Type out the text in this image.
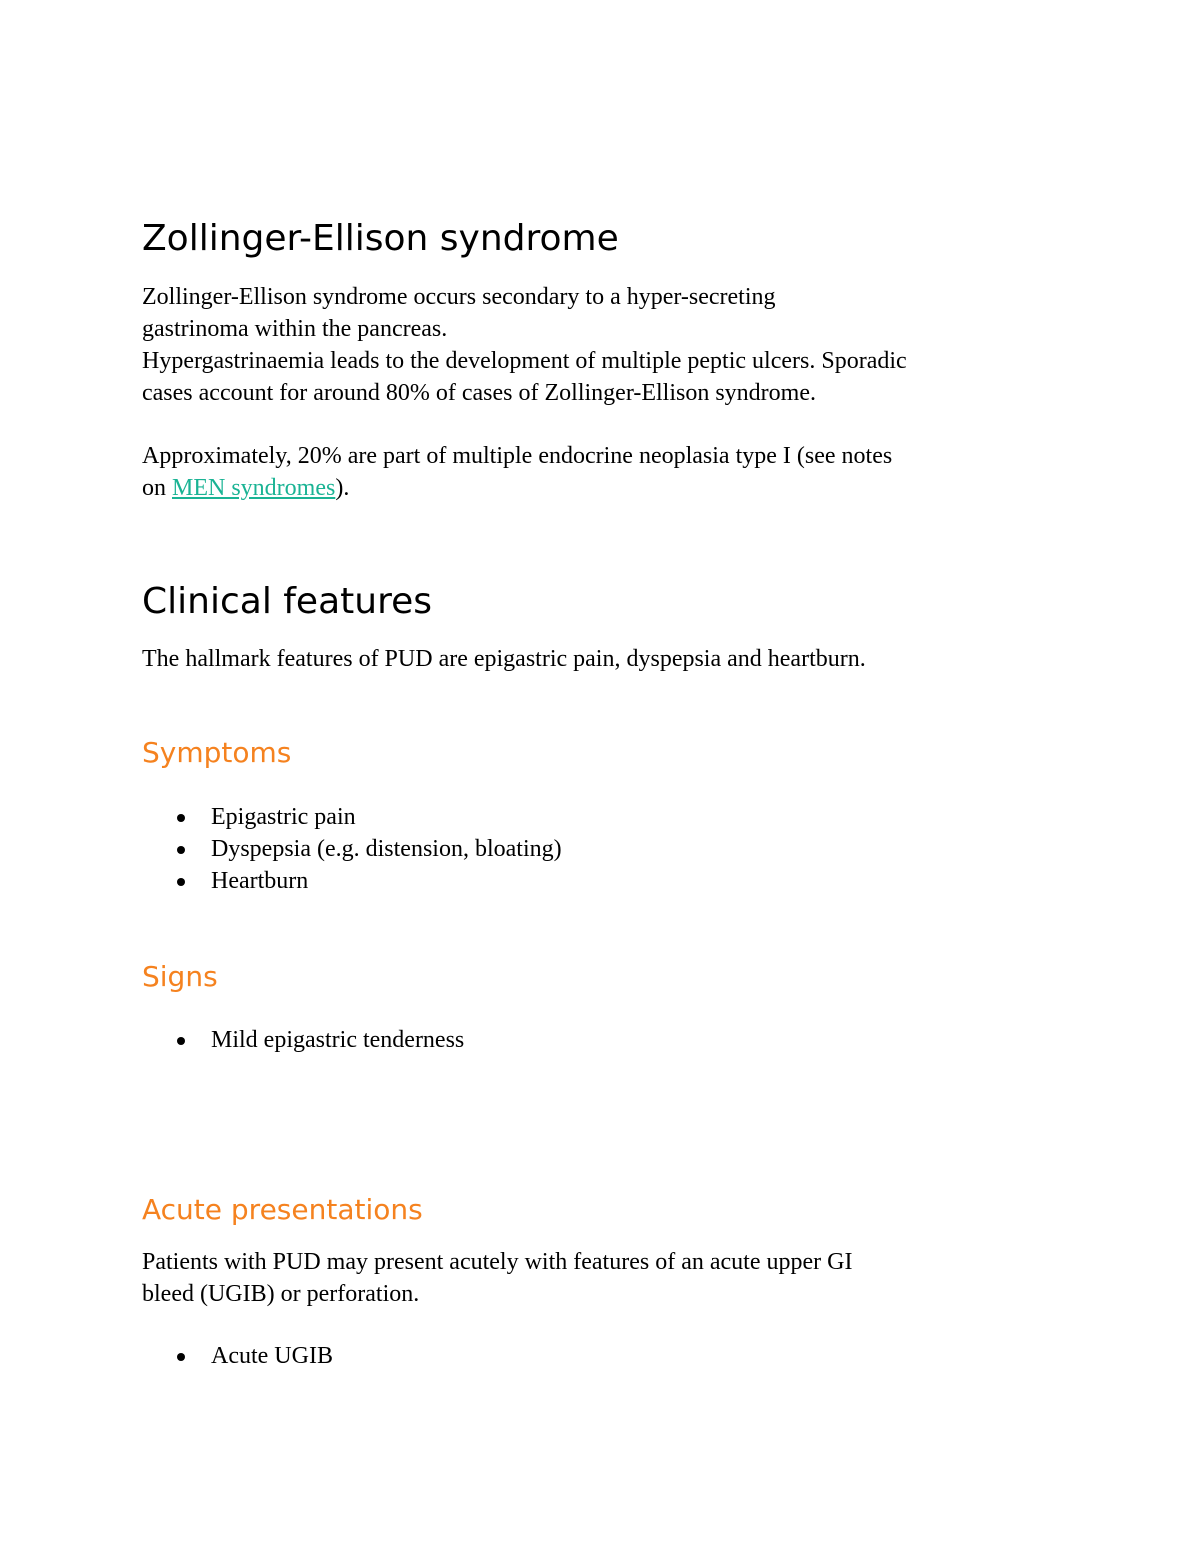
Zollinger-Ellison syndrome

Zollinger-Ellison syndrome occurs secondary to a hyper-secreting

gastrinoma within the pancreas.

Hypergastrinaemia leads to the development of multiple peptic ulcers. Sporadic

cases account for around 80% of cases of Zollinger-Ellison syndrome.

Approximately, 20% are part of multiple endocrine neoplasia type I (see notes

on MEN syndromes).

Clinical features

The hallmark features of PUD are epigastric pain, dyspepsia and heartburn.

Symptoms
Epigastric pain
Dyspepsia (e.g. distension, bloating)
Heartburn
Signs
Mild epigastric tenderness
Acute presentations

Patients with PUD may present acutely with features of an acute upper GI

bleed (UGIB) or perforation.

Acute UGIB
